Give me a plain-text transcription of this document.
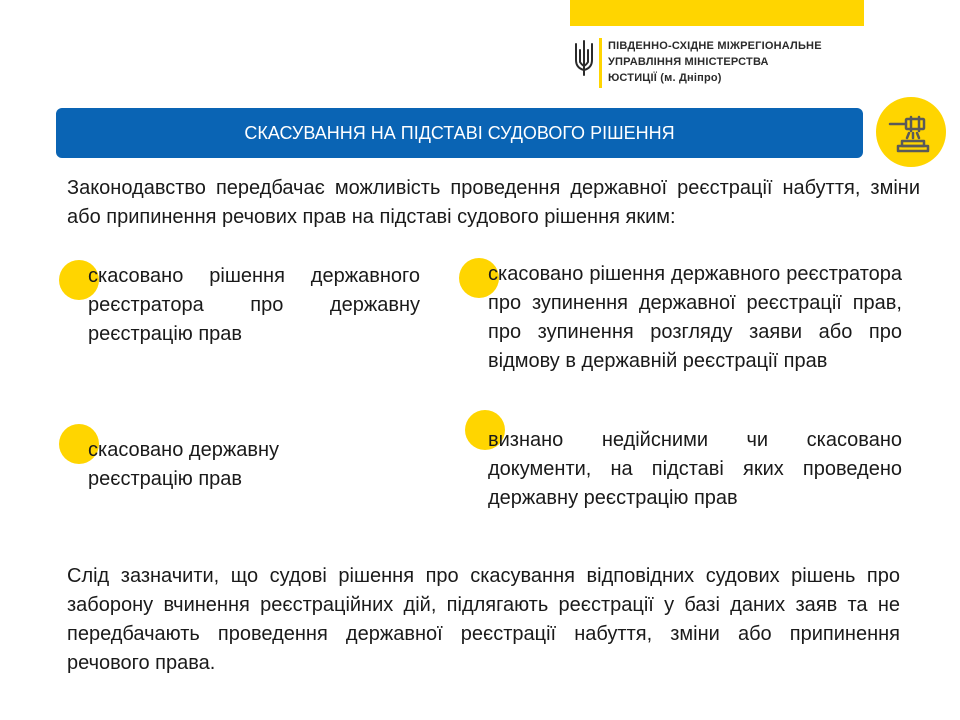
ПІВДЕННО-СХІДНЕ МІЖРЕГІОНАЛЬНЕ
УПРАВЛІННЯ МІНІСТЕРСТВА
ЮСТИЦІЇ (м. Дніпро)
СКАСУВАННЯ НА ПІДСТАВІ СУДОВОГО РІШЕННЯ

Законодавство передбачає можливість проведення державної реєстрації набуття, зміни або припинення речових прав на підставі судового рішення яким:

скасовано рішення державного реєстратора про державну реєстрацію прав

скасовано рішення державного реєстратора про зупинення державної реєстрації прав, про зупинення розгляду заяви або про відмову в державній реєстрації прав

скасовано державну реєстрацію прав

визнано недійсними чи скасовано документи, на підставі яких проведено державну реєстрацію прав

Слід зазначити, що судові рішення про скасування відповідних судових рішень про заборону вчинення реєстраційних дій, підлягають реєстрації у базі даних заяв та не передбачають проведення державної реєстрації набуття, зміни або припинення речового права.
